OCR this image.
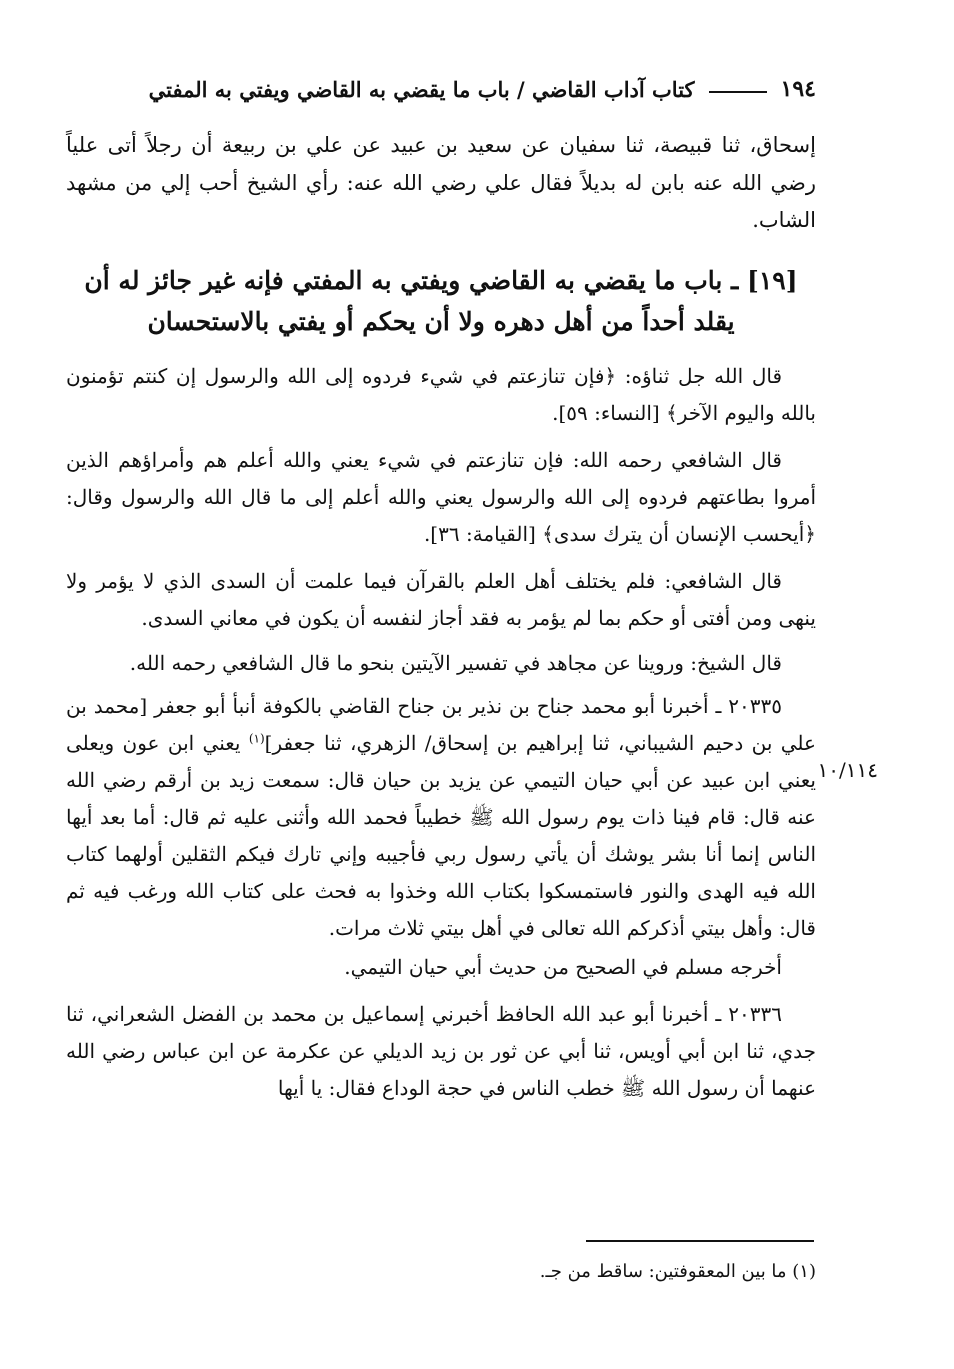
١٩٤
كتاب آداب القاضي / باب ما يقضي به القاضي ويفتي به المفتي
إسحاق، ثنا قبيصة، ثنا سفيان عن سعيد بن عبيد عن علي بن ربيعة أن رجلاً أتى علياً رضي الله عنه بابن له بديلاً فقال علي رضي الله عنه: رأي الشيخ أحب إلي من مشهد الشاب.
[١٩] ـ باب ما يقضي به القاضي ويفتي به المفتي فإنه غير جائز له أن يقلد أحداً من أهل دهره ولا أن يحكم أو يفتي بالاستحسان

قال الله جل ثناؤه: ﴿فإن تنازعتم في شيء فردوه إلى الله والرسول إن كنتم تؤمنون بالله واليوم الآخر﴾ [النساء: ٥٩].

قال الشافعي رحمه الله: فإن تنازعتم في شيء يعني والله أعلم هم وأمراؤهم الذين أمروا بطاعتهم فردوه إلى الله والرسول يعني والله أعلم إلى ما قال الله والرسول وقال: ﴿أيحسب الإنسان أن يترك سدى﴾ [القيامة: ٣٦].

قال الشافعي: فلم يختلف أهل العلم بالقرآن فيما علمت أن السدى الذي لا يؤمر ولا ينهى ومن أفتى أو حكم بما لم يؤمر به فقد أجاز لنفسه أن يكون في معاني السدى.

قال الشيخ: وروينا عن مجاهد في تفسير الآيتين بنحو ما قال الشافعي رحمه الله.

٢٠٣٣٥ ـ أخبرنا أبو محمد جناح بن نذير بن جناح القاضي بالكوفة أنبأ أبو جعفر [محمد بن علي بن دحيم الشيباني، ثنا إبراهيم بن إسحاق/ الزهري، ثنا جعفر]$^{(١)}$ يعني ابن عون ويعلى يعني ابن عبيد عن أبي حيان التيمي عن يزيد بن حيان قال: سمعت زيد بن أرقم رضي الله عنه قال: قام فينا ذات يوم رسول الله ﷺ خطيباً فحمد الله وأثنى عليه ثم قال: أما بعد أيها الناس إنما أنا بشر يوشك أن يأتي رسول ربي فأجيبه وإني تارك فيكم الثقلين أولهما كتاب الله فيه الهدى والنور فاستمسكوا بكتاب الله وخذوا به فحث على كتاب الله ورغب فيه ثم قال: وأهل بيتي أذكركم الله تعالى في أهل بيتي ثلاث مرات.

أخرجه مسلم في الصحيح من حديث أبي حيان التيمي.

٢٠٣٣٦ ـ أخبرنا أبو عبد الله الحافظ أخبرني إسماعيل بن محمد بن الفضل الشعراني، ثنا جدي، ثنا ابن أبي أويس، ثنا أبي عن ثور بن زيد الديلي عن عكرمة عن ابن عباس رضي الله عنهما أن رسول الله ﷺ خطب الناس في حجة الوداع فقال: يا أيها

١٠/١١٤
(١) ما بين المعقوفتين: ساقط من جـ.
